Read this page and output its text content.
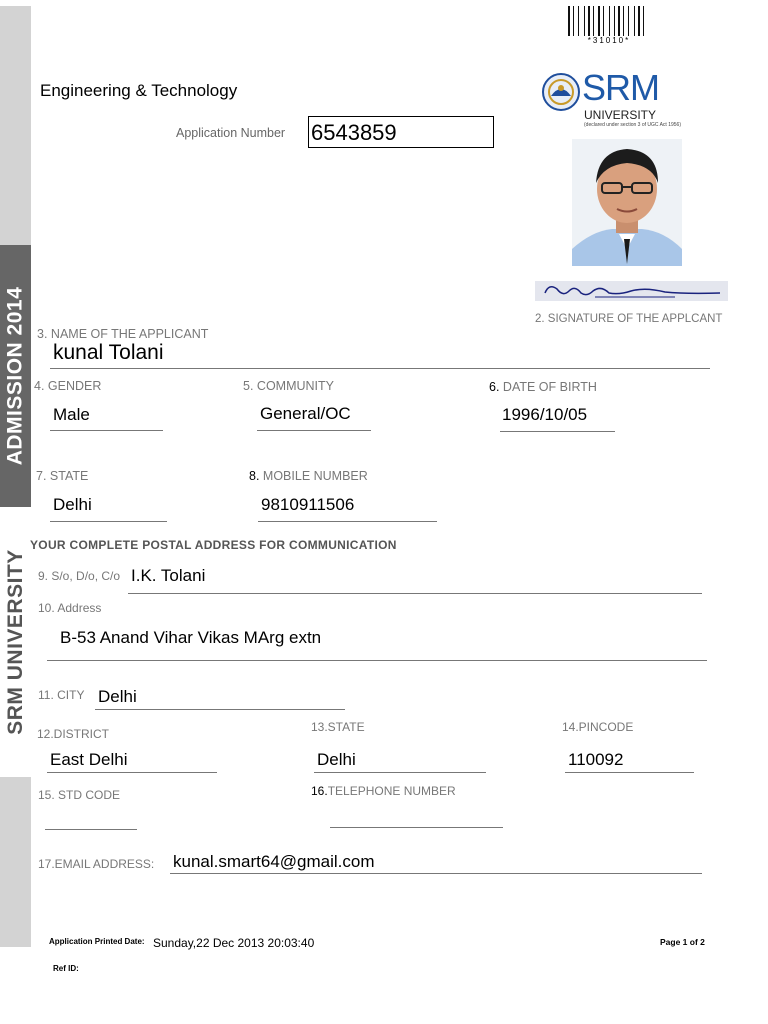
ADMISSION 2014
SRM UNIVERSITY
*31010*
Engineering & Technology
Application Number 6543859
SRM
UNIVERSITY
(declared under section 3 of UGC Act 1956)
2. SIGNATURE OF THE APPLCANT
3. NAME OF THE APPLICANT
kunal Tolani
4. GENDER
Male
5. COMMUNITY
General/OC
6. DATE OF BIRTH
1996/10/05
7. STATE
Delhi
8. MOBILE NUMBER
9810911506
YOUR COMPLETE POSTAL ADDRESS FOR COMMUNICATION
9. S/o, D/o, C/o I.K. Tolani
10. Address
B-53 Anand Vihar Vikas MArg extn
11. CITY Delhi
12.DISTRICT
East Delhi
13.STATE
Delhi
14.PINCODE
110092
15. STD CODE	16.TELEPHONE NUMBER
17.EMAIL ADDRESS: kunal.smart64@gmail.com
Application Printed Date: Sunday,22 Dec 2013 20:03:40	Page 1 of 2
Ref ID:
